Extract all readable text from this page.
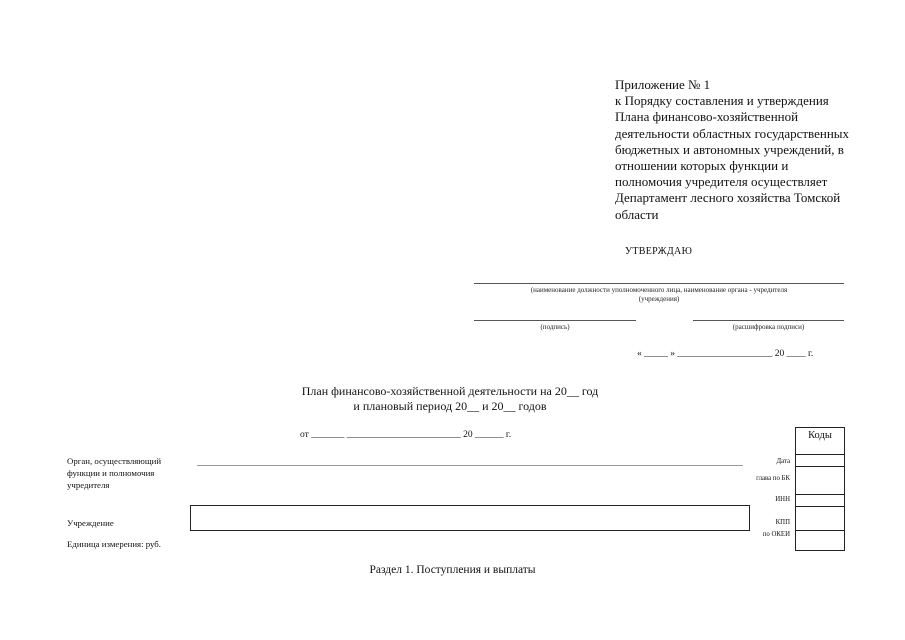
Приложение № 1
к Порядку составления и утверждения
Плана финансово-хозяйственной
деятельности областных государственных
бюджетных и автономных учреждений, в
отношении которых функции и
полномочия учредителя осуществляет
Департамент лесного хозяйства Томской
области
УТВЕРЖДАЮ
(наименование должности уполномоченного лица, наименование органа - учредителя
(учреждения)
(подпись)	(расшифровка подписи)
« _____ » ____________________ 20 ____ г.
План финансово-хозяйственной деятельности на 20__ год
и плановый период 20__ и 20__ годов
от _______ ________________________ 20 ______ г.
Орган, осуществляющий функции и полномочия учредителя
Учреждение
Единица измерения: руб.
Коды
Дата
глава по БК
ИНН
КПП
по ОКЕИ
Раздел 1. Поступления и выплаты
